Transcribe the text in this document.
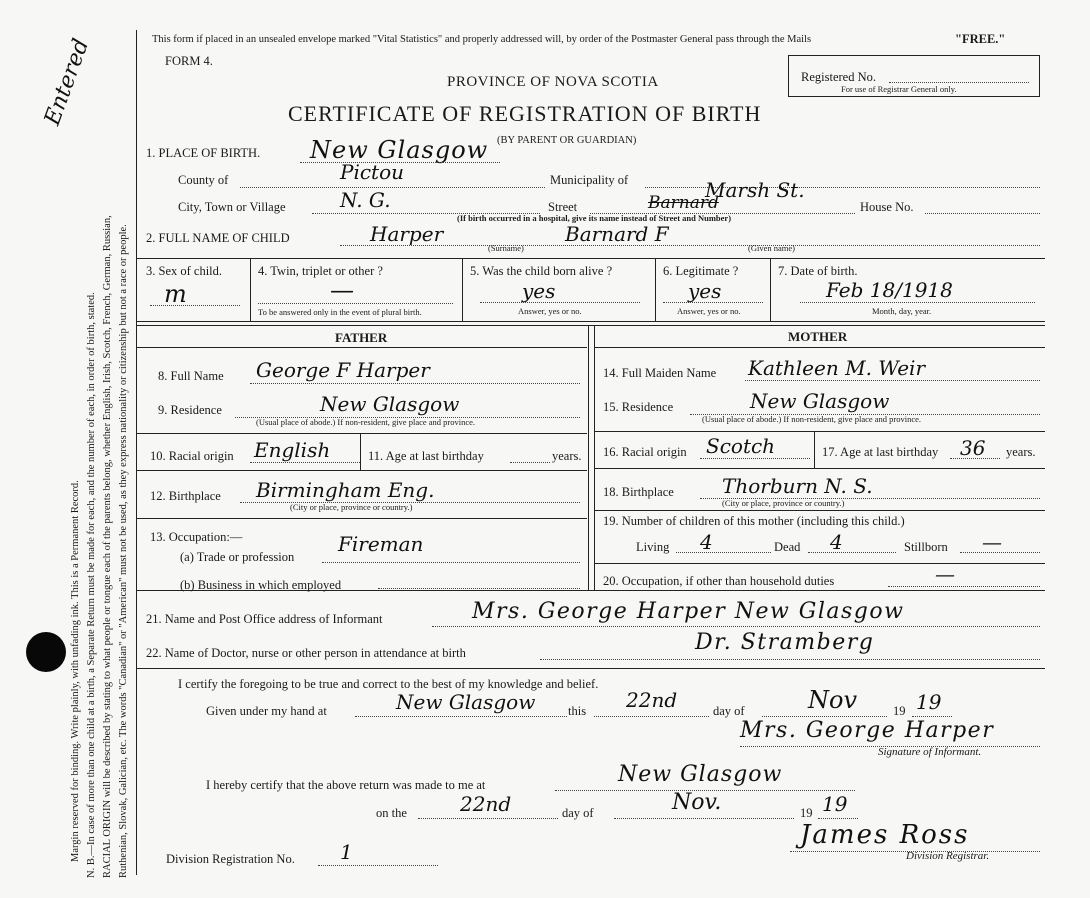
Entered
Margin reserved for binding. Write plainly, with unfading ink. This is a Permanent Record. N. B.—In case of more than one child at a birth, a Separate Return must be made for each, and the number of each, in order of birth, stated. RACIAL ORIGIN will be described by stating to what people or tongue each of the parents belong, whether English, Irish, Scotch, French, German, Russian, Ruthenian, Slovak, Galician, etc. The words "Canadian" or "American" must not be used, as they express nationality or citizenship but not a race or people.
This form if placed in an unsealed envelope marked "Vital Statistics" and properly addressed will, by order of the Postmaster General pass through the Mails	"FREE."
FORM 4.
PROVINCE OF NOVA SCOTIA
CERTIFICATE OF REGISTRATION OF BIRTH
(BY PARENT OR GUARDIAN)
Registered No.
For use of Registrar General only.
1. PLACE OF BIRTH. New Glasgow
County of	Pictou	Municipality of
City, Town or Village	N. G.	Street	Barnard
Marsh St.
House No.
(If birth occurred in a hospital, give its name instead of Street and Number)
2. FULL NAME OF CHILD	Harper	Barnard F
(Surname)	(Given name)
3. Sex of child.
m
4. Twin, triplet or other ?
—
To be answered only in the event of plural birth.
5. Was the child born alive ?
yes
Answer, yes or no.
6. Legitimate ?
yes
Answer, yes or no.
7. Date of birth.
Feb 18/1918
Month, day, year.
FATHER	MOTHER
8. Full Name George F Harper
9. Residence	New Glasgow
(Usual place of abode.) If non-resident, give place and province.
10. Racial origin English	11. Age at last birthday	years.
12. Birthplace Birmingham Eng.
(City or place, province or country.)
13. Occupation:—
(a) Trade or profession
Fireman
(b) Business in which employed
14. Full Maiden Name Kathleen M. Weir
15. Residence	New Glasgow
(Usual place of abode.) If non-resident, give place and province.
16. Racial origin Scotch	17. Age at last birthday 36 years.
18. Birthplace Thorburn N. S.
(City or place, province or country.)
19. Number of children of this mother (including this child.)
Living 4	Dead 4	Stillborn —
20. Occupation, if other than household duties	—
21. Name and Post Office address of Informant	Mrs. George Harper New Glasgow
22. Name of Doctor, nurse or other person in attendance at birth	Dr. Stramberg
I certify the foregoing to be true and correct to the best of my knowledge and belief.
Given under my hand at	New Glasgow	this 22nd	day of	Nov	19 19
Mrs. George Harper
Signature of Informant.
I hereby certify that the above return was made to me at	New Glasgow
on the	22nd	day of	Nov.	19 19
James Ross
Division Registrar.
Division Registration No. 1
